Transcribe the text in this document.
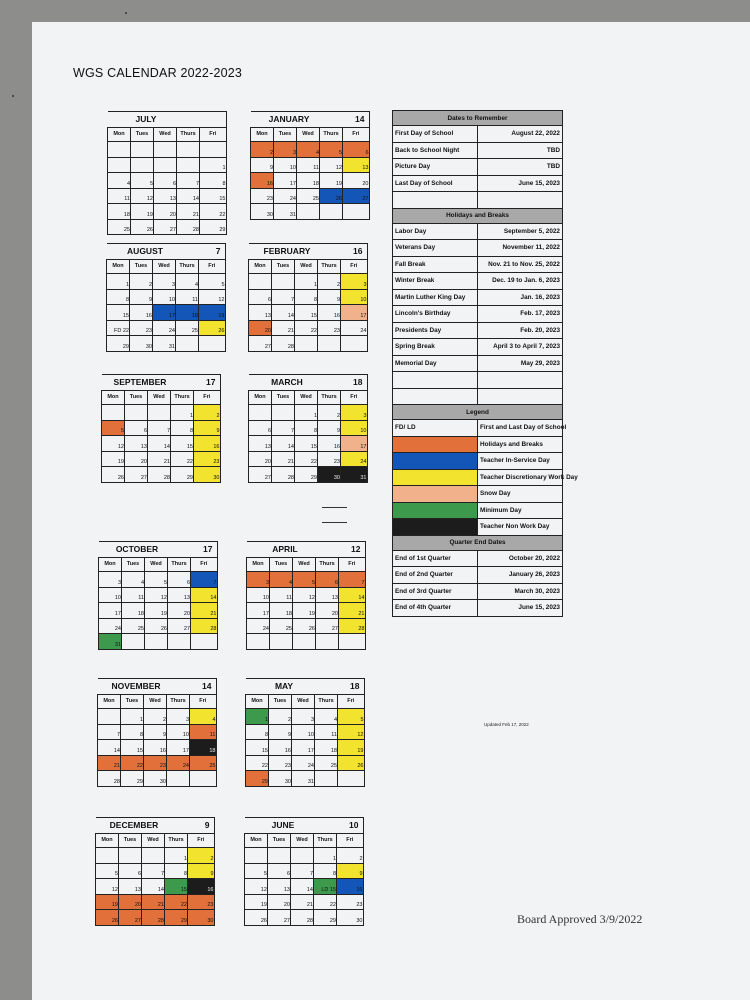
WGS CALENDAR 2022-2023
JULY				
Mon	Tues	Wed	Thurs	Fri

				1
4	5	6	7	8
11	12	13	14	15
18	19	20	21	22
25	26	27	28	29
JANUARY				14
Mon	Tues	Wed	Thurs	Fri
2	3	4	5	6
9	10	11	12	13
16	17	18	19	20
23	24	25	26	27
30	31			
AUGUST				7
Mon	Tues	Wed	Thurs	Fri
1	2	3	4	5
8	9	10	11	12
15	16	17	18	19
FD 22	23	24	25	26
29	30	31		
FEBRUARY				16
Mon	Tues	Wed	Thurs	Fri
		1	2	3
6	7	8	9	10
13	14	15	16	17
20	21	22	23	24
27	28			
SEPTEMBER				17
Mon	Tues	Wed	Thurs	Fri
			1	2
5	6	7	8	9
12	13	14	15	16
19	20	21	22	23
26	27	28	29	30
MARCH				18
Mon	Tues	Wed	Thurs	Fri
		1	2	3
6	7	8	9	10
13	14	15	16	17
20	21	22	23	24
27	28	29	30	31
OCTOBER				17
Mon	Tues	Wed	Thurs	Fri
3	4	5	6	7
10	11	12	13	14
17	18	19	20	21
24	25	26	27	28
31				
APRIL				12
Mon	Tues	Wed	Thurs	Fri
3	4	5	6	7
10	11	12	13	14
17	18	19	20	21
24	25	26	27	28

NOVEMBER				14
Mon	Tues	Wed	Thurs	Fri
	1	2	3	4
7	8	9	10	11
14	15	16	17	18
21	22	23	24	25
28	29	30		
MAY				18
Mon	Tues	Wed	Thurs	Fri
1	2	3	4	5
8	9	10	11	12
15	16	17	18	19
22	23	24	25	26
29	30	31		
DECEMBER				9
Mon	Tues	Wed	Thurs	Fri
			1	2
5	6	7	8	9
12	13	14	15	16
19	20	21	22	23
26	27	28	29	30
JUNE				10
Mon	Tues	Wed	Thurs	Fri
			1	2
5	6	7	8	9
12	13	14	LD 15	16
19	20	21	22	23
26	27	28	29	30
Dates to Remember	
First Day of School	August 22, 2022
Back to School Night	TBD
Picture Day	TBD
Last Day of School	June 15, 2023

Holidays and Breaks	
Labor Day	September 5, 2022
Veterans Day	November 11, 2022
Fall Break	Nov. 21 to Nov. 25, 2022
Winter Break	Dec. 19 to Jan. 6, 2023
Martin Luther King Day	Jan. 16, 2023
Lincoln's Birthday	Feb. 17, 2023
Presidents Day	Feb. 20, 2023
Spring Break	April 3 to April 7, 2023
Memorial Day	May 29, 2023

Legend	
FD/ LD	First and Last Day of School
	Holidays and Breaks
	Teacher In-Service Day
	Teacher Discretionary Work Day
	Snow Day
	Minimum Day
	Teacher Non Work Day
Quarter End Dates	
End of 1st Quarter	October 20, 2022
End of 2nd Quarter	January 26, 2023
End of 3rd Quarter	March 30, 2023
End of 4th Quarter	June 15, 2023
Updated Feb 17, 2022
Board Approved 3/9/2022
